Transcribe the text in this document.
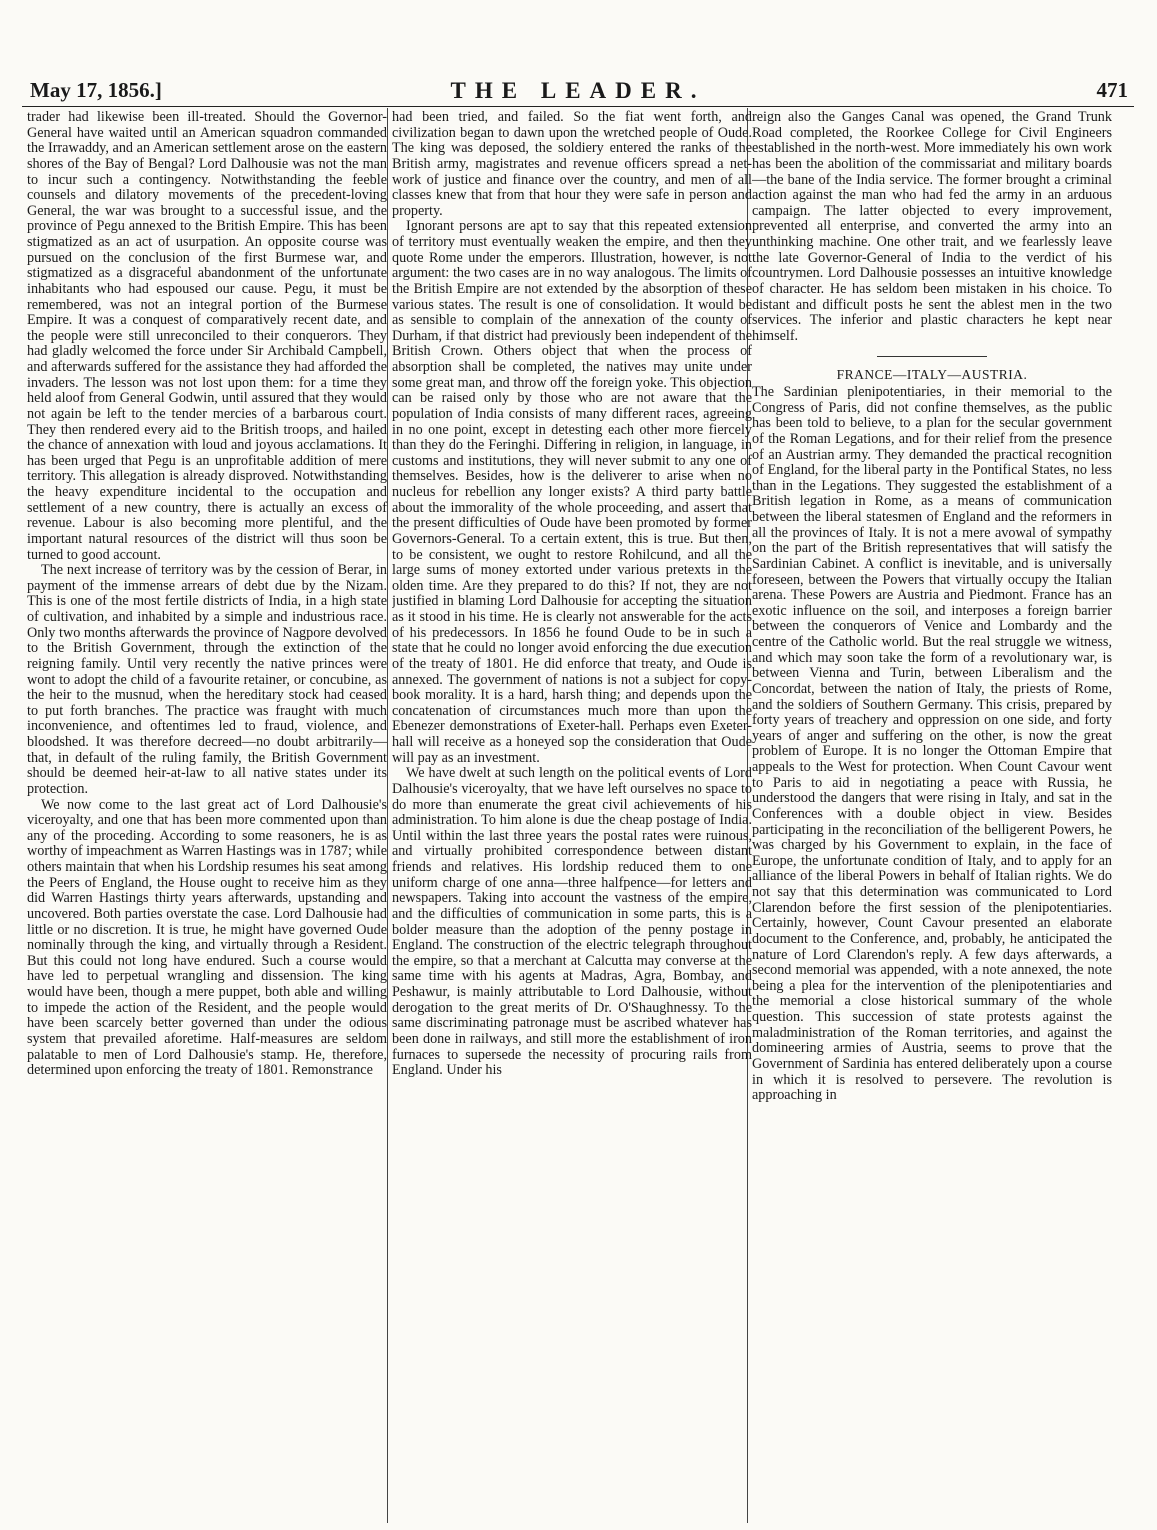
May 17, 1856.]	THE LEADER.	471

trader had likewise been ill-treated. Should the Governor-General have waited until an American squadron commanded the Irrawaddy, and an American settlement arose on the eastern shores of the Bay of Bengal? Lord Dalhousie was not the man to incur such a contingency. Notwithstanding the feeble counsels and dilatory movements of the precedent-loving General, the war was brought to a successful issue, and the province of Pegu annexed to the British Empire. This has been stigmatized as an act of usurpation. An opposite course was pursued on the conclusion of the first Burmese war, and stigmatized as a disgraceful abandonment of the unfortunate inhabitants who had espoused our cause. Pegu, it must be remembered, was not an integral portion of the Burmese Empire. It was a conquest of comparatively recent date, and the people were still unreconciled to their conquerors. They had gladly welcomed the force under Sir Archibald Campbell, and afterwards suffered for the assistance they had afforded the invaders. The lesson was not lost upon them: for a time they held aloof from General Godwin, until assured that they would not again be left to the tender mercies of a barbarous court. They then rendered every aid to the British troops, and hailed the chance of annexation with loud and joyous acclamations. It has been urged that Pegu is an unprofitable addition of mere territory. This allegation is already disproved. Notwithstanding the heavy expenditure incidental to the occupation and settlement of a new country, there is actually an excess of revenue. Labour is also becoming more plentiful, and the important natural resources of the district will thus soon be turned to good account.

The next increase of territory was by the cession of Berar, in payment of the immense arrears of debt due by the Nizam. This is one of the most fertile districts of India, in a high state of cultivation, and inhabited by a simple and industrious race. Only two months afterwards the province of Nagpore devolved to the British Government, through the extinction of the reigning family. Until very recently the native princes were wont to adopt the child of a favourite retainer, or concubine, as the heir to the musnud, when the hereditary stock had ceased to put forth branches. The practice was fraught with much inconvenience, and oftentimes led to fraud, violence, and bloodshed. It was therefore decreed—no doubt arbitrarily—that, in default of the ruling family, the British Government should be deemed heir-at-law to all native states under its protection.

We now come to the last great act of Lord Dalhousie's viceroyalty, and one that has been more commented upon than any of the proceding. According to some reasoners, he is as worthy of impeachment as Warren Hastings was in 1787; while others maintain that when his Lordship resumes his seat among the Peers of England, the House ought to receive him as they did Warren Hastings thirty years afterwards, upstanding and uncovered. Both parties overstate the case. Lord Dalhousie had little or no discretion. It is true, he might have governed Oude nominally through the king, and virtually through a Resident. But this could not long have endured. Such a course would have led to perpetual wrangling and dissension. The king would have been, though a mere puppet, both able and willing to impede the action of the Resident, and the people would have been scarcely better governed than under the odious system that prevailed aforetime. Half-measures are seldom palatable to men of Lord Dalhousie's stamp. He, therefore, determined upon enforcing the treaty of 1801. Remonstrance

had been tried, and failed. So the fiat went forth, and civilization began to dawn upon the wretched people of Oude. The king was deposed, the soldiery entered the ranks of the British army, magistrates and revenue officers spread a net-work of justice and finance over the country, and men of all classes knew that from that hour they were safe in person and property.

Ignorant persons are apt to say that this repeated extension of territory must eventually weaken the empire, and then they quote Rome under the emperors. Illustration, however, is not argument: the two cases are in no way analogous. The limits of the British Empire are not extended by the absorption of these various states. The result is one of consolidation. It would be as sensible to complain of the annexation of the county of Durham, if that district had previously been independent of the British Crown. Others object that when the process of absorption shall be completed, the natives may unite under some great man, and throw off the foreign yoke. This objection can be raised only by those who are not aware that the population of India consists of many different races, agreeing in no one point, except in detesting each other more fiercely than they do the Feringhi. Differing in religion, in language, in customs and institutions, they will never submit to any one of themselves. Besides, how is the deliverer to arise when no nucleus for rebellion any longer exists? A third party battle about the immorality of the whole proceeding, and assert that the present difficulties of Oude have been promoted by former Governors-General. To a certain extent, this is true. But then, to be consistent, we ought to restore Rohilcund, and all the large sums of money extorted under various pretexts in the olden time. Are they prepared to do this? If not, they are not justified in blaming Lord Dalhousie for accepting the situation as it stood in his time. He is clearly not answerable for the acts of his predecessors. In 1856 he found Oude to be in such a state that he could no longer avoid enforcing the due execution of the treaty of 1801. He did enforce that treaty, and Oude is annexed. The government of nations is not a subject for copy-book morality. It is a hard, harsh thing; and depends upon the concatenation of circumstances much more than upon the Ebenezer demonstrations of Exeter-hall. Perhaps even Exeter-hall will receive as a honeyed sop the consideration that Oude will pay as an investment.

We have dwelt at such length on the political events of Lord Dalhousie's viceroyalty, that we have left ourselves no space to do more than enumerate the great civil achievements of his administration. To him alone is due the cheap postage of India. Until within the last three years the postal rates were ruinous, and virtually prohibited correspondence between distant friends and relatives. His lordship reduced them to one uniform charge of one anna—three halfpence—for letters and newspapers. Taking into account the vastness of the empire, and the difficulties of communication in some parts, this is a bolder measure than the adoption of the penny postage in England. The construction of the electric telegraph throughout the empire, so that a merchant at Calcutta may converse at the same time with his agents at Madras, Agra, Bombay, and Peshawur, is mainly attributable to Lord Dalhousie, without derogation to the great merits of Dr. O'Shaughnessy. To the same discriminating patronage must be ascribed whatever has been done in railways, and still more the establishment of iron furnaces to supersede the necessity of procuring rails from England. Under his

reign also the Ganges Canal was opened, the Grand Trunk Road completed, the Roorkee College for Civil Engineers established in the north-west. More immediately his own work has been the abolition of the commissariat and military boards—the bane of the India service. The former brought a criminal action against the man who had fed the army in an arduous campaign. The latter objected to every improvement, prevented all enterprise, and converted the army into an unthinking machine. One other trait, and we fearlessly leave the late Governor-General of India to the verdict of his countrymen. Lord Dalhousie possesses an intuitive knowledge of character. He has seldom been mistaken in his choice. To distant and difficult posts he sent the ablest men in the two services. The inferior and plastic characters he kept near himself.

FRANCE—ITALY—AUSTRIA.

The Sardinian plenipotentiaries, in their memorial to the Congress of Paris, did not confine themselves, as the public has been told to believe, to a plan for the secular government of the Roman Legations, and for their relief from the presence of an Austrian army. They demanded the practical recognition of England, for the liberal party in the Pontifical States, no less than in the Legations. They suggested the establishment of a British legation in Rome, as a means of communication between the liberal statesmen of England and the reformers in all the provinces of Italy. It is not a mere avowal of sympathy on the part of the British representatives that will satisfy the Sardinian Cabinet. A conflict is inevitable, and is universally foreseen, between the Powers that virtually occupy the Italian arena. These Powers are Austria and Piedmont. France has an exotic influence on the soil, and interposes a foreign barrier between the conquerors of Venice and Lombardy and the centre of the Catholic world. But the real struggle we witness, and which may soon take the form of a revolutionary war, is between Vienna and Turin, between Liberalism and the Concordat, between the nation of Italy, the priests of Rome, and the soldiers of Southern Germany. This crisis, prepared by forty years of treachery and oppression on one side, and forty years of anger and suffering on the other, is now the great problem of Europe. It is no longer the Ottoman Empire that appeals to the West for protection. When Count Cavour went to Paris to aid in negotiating a peace with Russia, he understood the dangers that were rising in Italy, and sat in the Conferences with a double object in view. Besides participating in the reconciliation of the belligerent Powers, he was charged by his Government to explain, in the face of Europe, the unfortunate condition of Italy, and to apply for an alliance of the liberal Powers in behalf of Italian rights. We do not say that this determination was communicated to Lord Clarendon before the first session of the plenipotentiaries. Certainly, however, Count Cavour presented an elaborate document to the Conference, and, probably, he anticipated the nature of Lord Clarendon's reply. A few days afterwards, a second memorial was appended, with a note annexed, the note being a plea for the intervention of the plenipotentiaries and the memorial a close historical summary of the whole question. This succession of state protests against the maladministration of the Roman territories, and against the domineering armies of Austria, seems to prove that the Government of Sardinia has entered deliberately upon a course in which it is resolved to persevere. The revolution is approaching in
